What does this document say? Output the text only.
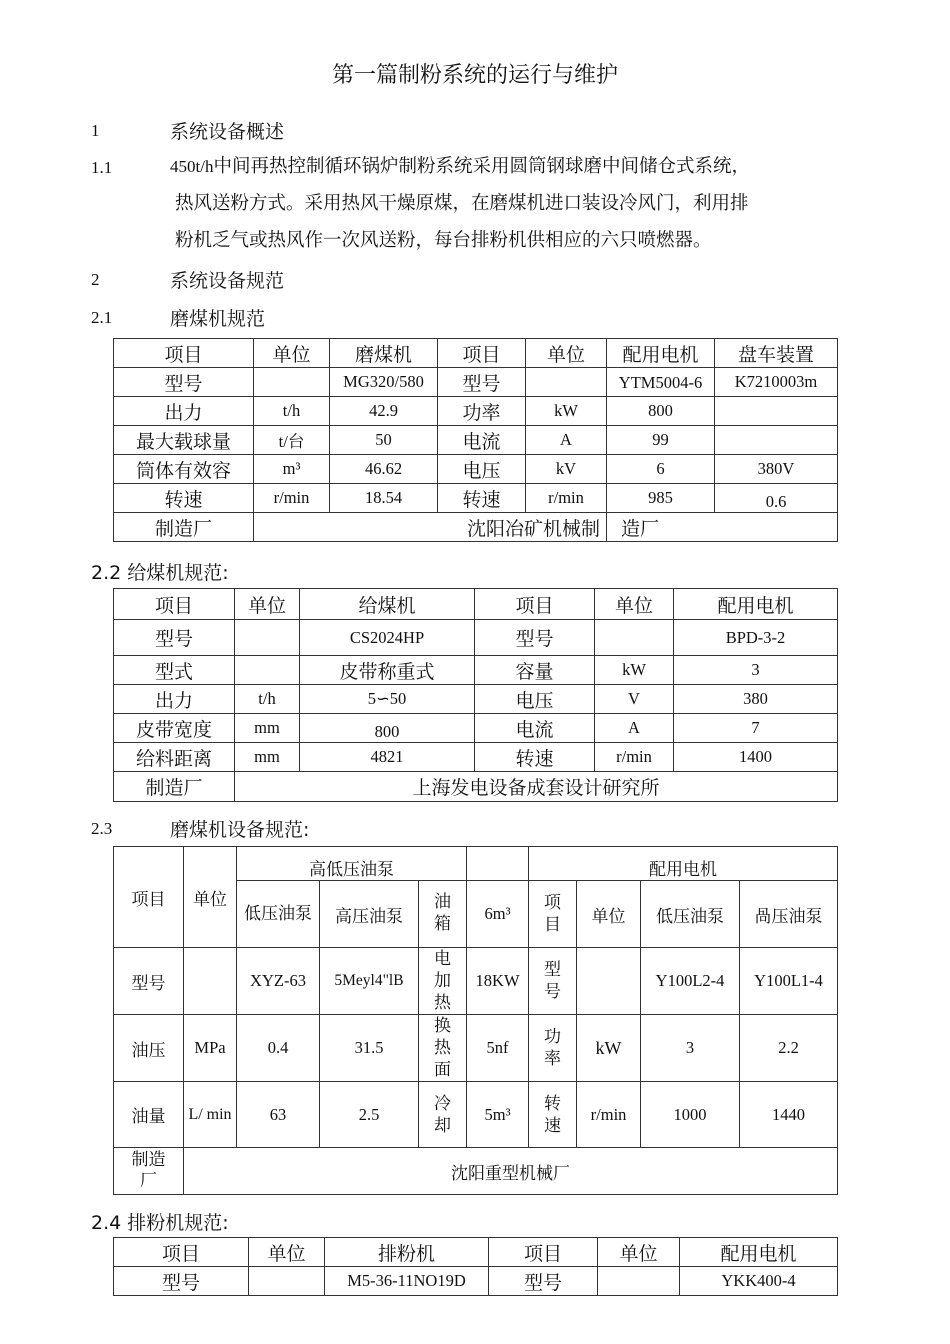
第一篇制粉系统的运行与维护
1	系统设备概述
1.1	450t/h中间再热控制循环锅炉制粉系统采用圆筒钢球磨中间储仓式系统，
热风送粉方式。采用热风干燥原煤，在磨煤机进口装设冷风门，利用排
粉机乏气或热风作一次风送粉，每台排粉机供相应的六只喷燃器。
2	系统设备规范
2.1	磨煤机规范
项目	单位	磨煤机	项目	单位	配用电机	盘车装置
型号		MG320/580	型号		YTM5004-6	K7210003m
出力	t/h	42.9	功率	kW	800	
最大载球量	t/台	50	电流	A	99	
筒体有效容	m³	46.62	电压	kV	6	380V
转速	r/min	18.54	转速	r/min	985	0.6
制造厂	沈阳冶矿机械制				造厂	
2.2 给煤机规范:
项目	单位	给煤机	项目	单位	配用电机
型号		CS2024HP	型号		BPD-3-2
型式		皮带称重式	容量	kW	3
出力	t/h	5∽50	电压	V	380
皮带宽度	mm	800	电流	A	7
给料距离	mm	4821	转速	r/min	1400
制造厂	上海发电设备成套设计研究所				
2.3	磨煤机设备规范:
项目	单位	高低压油泵				配用电机			
		低压油泵	高压油泵	油箱	6m³	项目	单位	低压油泵	咼压油泵
型号		XYZ-63	5Meyl4"lB	电加热	18KW	型号		Y100L2-4	Y100L1-4
油压	MPa	0.4	31.5	换热面	5nf	功率	kW	3	2.2
油量	L/ min	63	2.5	冷却	5m³	转速	r/min	1000	1440
制造厂	沈阳重型机械厂								
2.4 排粉机规范:
项目	单位	排粉机	项目	单位	配用电机
型号		M5-36-11NO19D	型号		YKK400-4
